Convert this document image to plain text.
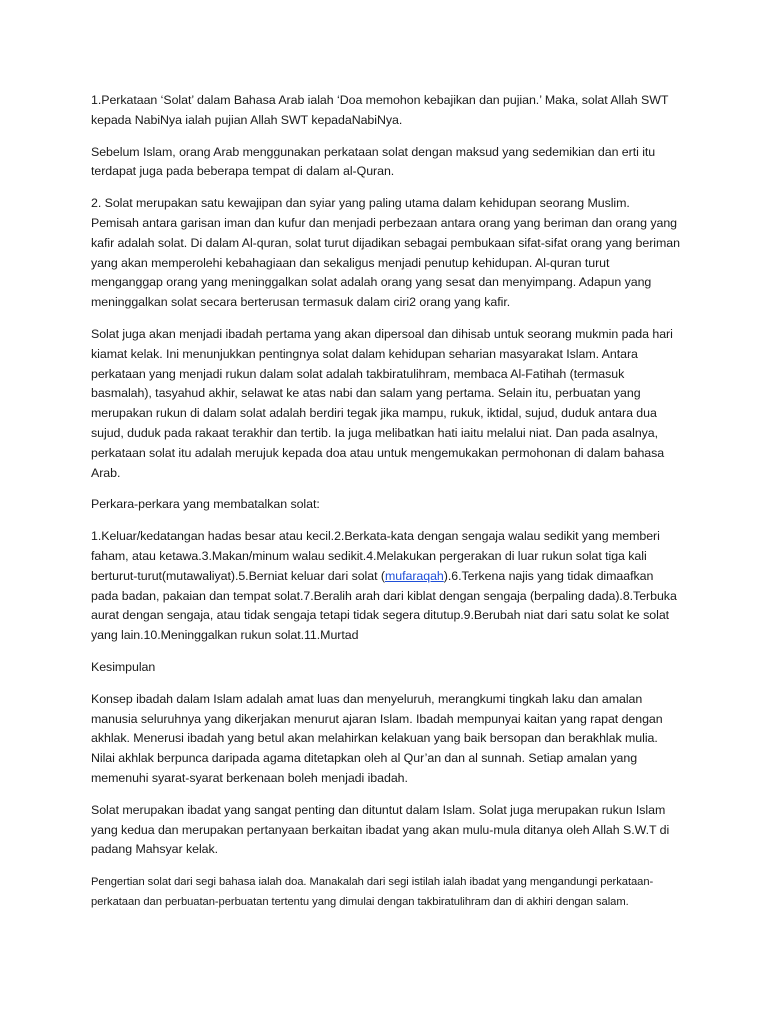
1.Perkataan ‘Solat’ dalam Bahasa Arab ialah ‘Doa memohon kebajikan dan pujian.’ Maka, solat Allah SWT kepada NabiNya ialah pujian Allah SWT kepadaNabiNya.

Sebelum Islam, orang Arab menggunakan perkataan solat dengan maksud yang sedemikian dan erti itu terdapat juga pada beberapa tempat di dalam al-Quran.

2. Solat merupakan satu kewajipan dan syiar yang paling utama dalam kehidupan seorang Muslim. Pemisah antara garisan iman dan kufur dan menjadi perbezaan antara orang yang beriman dan orang yang kafir adalah solat. Di dalam Al-quran, solat turut dijadikan sebagai pembukaan sifat-sifat orang yang beriman yang akan memperolehi kebahagiaan dan sekaligus menjadi penutup kehidupan. Al-quran turut menganggap orang yang meninggalkan solat adalah orang yang sesat dan menyimpang. Adapun yang meninggalkan solat secara berterusan termasuk dalam ciri2 orang yang kafir.

Solat juga akan menjadi ibadah pertama yang akan dipersoal dan dihisab untuk seorang mukmin pada hari kiamat kelak. Ini menunjukkan pentingnya solat dalam kehidupan seharian masyarakat Islam. Antara perkataan yang menjadi rukun dalam solat adalah takbiratulihram, membaca Al-Fatihah (termasuk basmalah), tasyahud akhir, selawat ke atas nabi dan salam yang pertama. Selain itu, perbuatan yang merupakan rukun di dalam solat adalah berdiri tegak jika mampu, rukuk, iktidal, sujud, duduk antara dua sujud, duduk pada rakaat terakhir dan tertib. Ia juga melibatkan hati iaitu melalui niat. Dan pada asalnya, perkataan solat itu adalah merujuk kepada doa atau untuk mengemukakan permohonan di dalam bahasa Arab.

Perkara-perkara yang membatalkan solat:

1.Keluar/kedatangan hadas besar atau kecil.2.Berkata-kata dengan sengaja walau sedikit yang memberi faham, atau ketawa.3.Makan/minum walau sedikit.4.Melakukan pergerakan di luar rukun solat tiga kali berturut-turut(mutawaliyat).5.Berniat keluar dari solat (mufaraqah).6.Terkena najis yang tidak dimaafkan pada badan, pakaian dan tempat solat.7.Beralih arah dari kiblat dengan sengaja (berpaling dada).8.Terbuka aurat dengan sengaja, atau tidak sengaja tetapi tidak segera ditutup.9.Berubah niat dari satu solat ke solat yang lain.10.Meninggalkan rukun solat.11.Murtad

Kesimpulan

Konsep ibadah dalam Islam adalah amat luas dan menyeluruh, merangkumi tingkah laku dan amalan manusia seluruhnya yang dikerjakan menurut ajaran Islam. Ibadah mempunyai kaitan yang rapat dengan akhlak. Menerusi ibadah yang betul akan melahirkan kelakuan yang baik bersopan dan berakhlak mulia. Nilai akhlak berpunca daripada agama ditetapkan oleh al Qur’an dan al sunnah. Setiap amalan yang memenuhi syarat-syarat berkenaan boleh menjadi ibadah.

Solat merupakan ibadat yang sangat penting dan dituntut dalam Islam. Solat juga merupakan rukun Islam yang kedua dan merupakan pertanyaan berkaitan ibadat yang akan mulu-mula ditanya oleh Allah S.W.T di padang Mahsyar kelak.

Pengertian solat dari segi bahasa ialah doa. Manakalah dari segi istilah ialah ibadat yang mengandungi perkataan-perkataan dan perbuatan-perbuatan tertentu yang dimulai dengan takbiratulihram dan di akhiri dengan salam.
